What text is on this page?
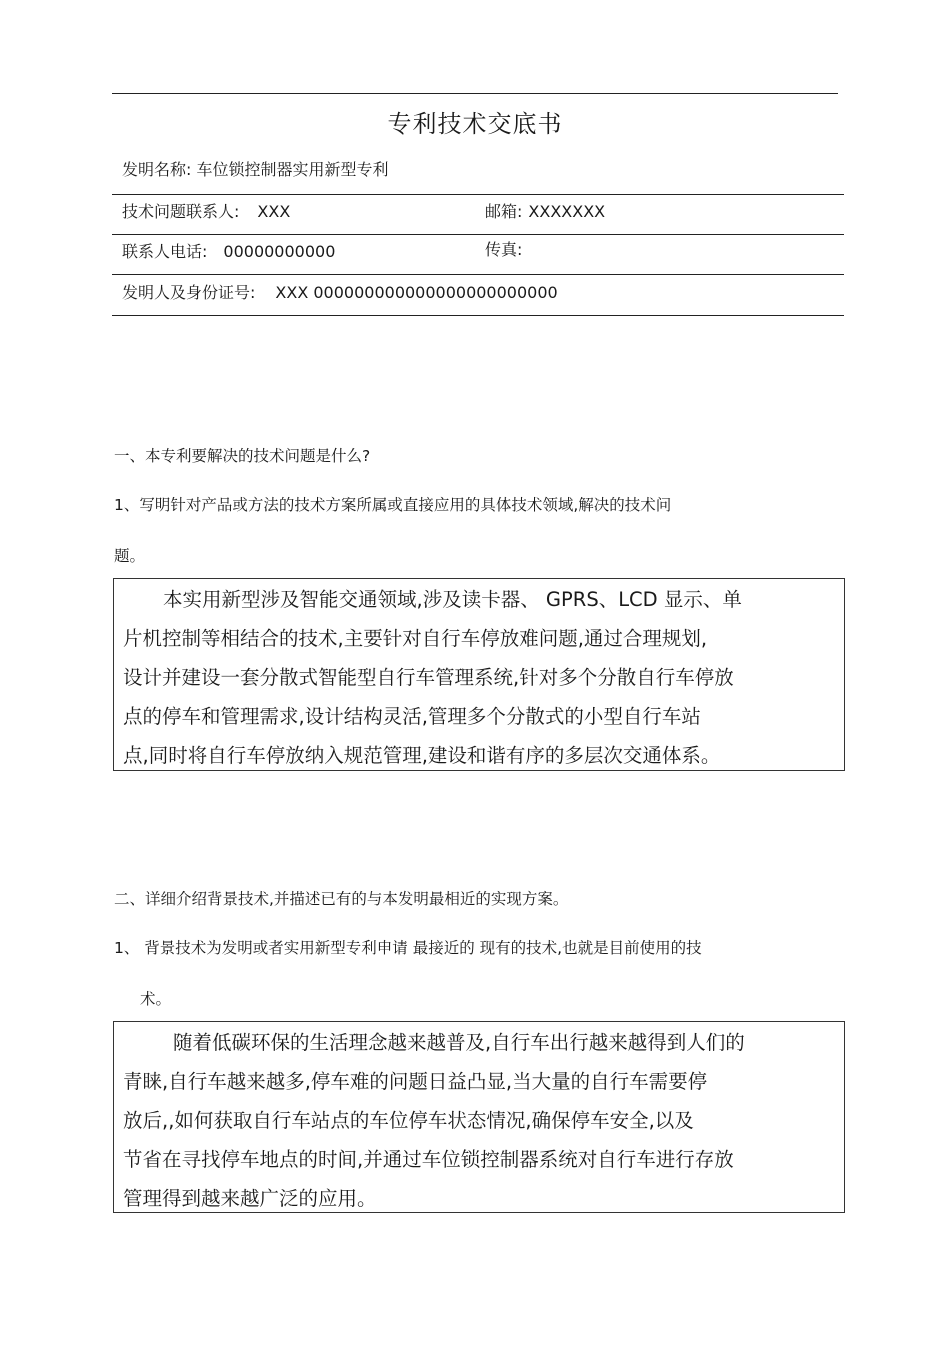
专利技术交底书
发明名称: 车位锁控制器实用新型专利
技术问题联系人: XXX	邮箱: XXXXXXX
联系人电话: 00000000000	传真:
发明人及身份证号: XXX 000000000000000000000000
一、本专利要解决的技术问题是什么?
1、写明针对产品或方法的技术方案所属或直接应用的具体技术领域,解决的技术问
题。
本实用新型涉及智能交通领域,涉及读卡器、 GPRS、LCD 显示、单
片机控制等相结合的技术,主要针对自行车停放难问题,通过合理规划,
设计并建设一套分散式智能型自行车管理系统,针对多个分散自行车停放
点的停车和管理需求,设计结构灵活,管理多个分散式的小型自行车站
点,同时将自行车停放纳入规范管理,建设和谐有序的多层次交通体系。
二、详细介绍背景技术,并描述已有的与本发明最相近的实现方案。
1、 背景技术为发明或者实用新型专利申请 最接近的 现有的技术,也就是目前使用的技
术。
随着低碳环保的生活理念越来越普及,自行车出行越来越得到人们的
青睐,自行车越来越多,停车难的问题日益凸显,当大量的自行车需要停
放后,,如何获取自行车站点的车位停车状态情况,确保停车安全,以及
节省在寻找停车地点的时间,并通过车位锁控制器系统对自行车进行存放
管理得到越来越广泛的应用。
